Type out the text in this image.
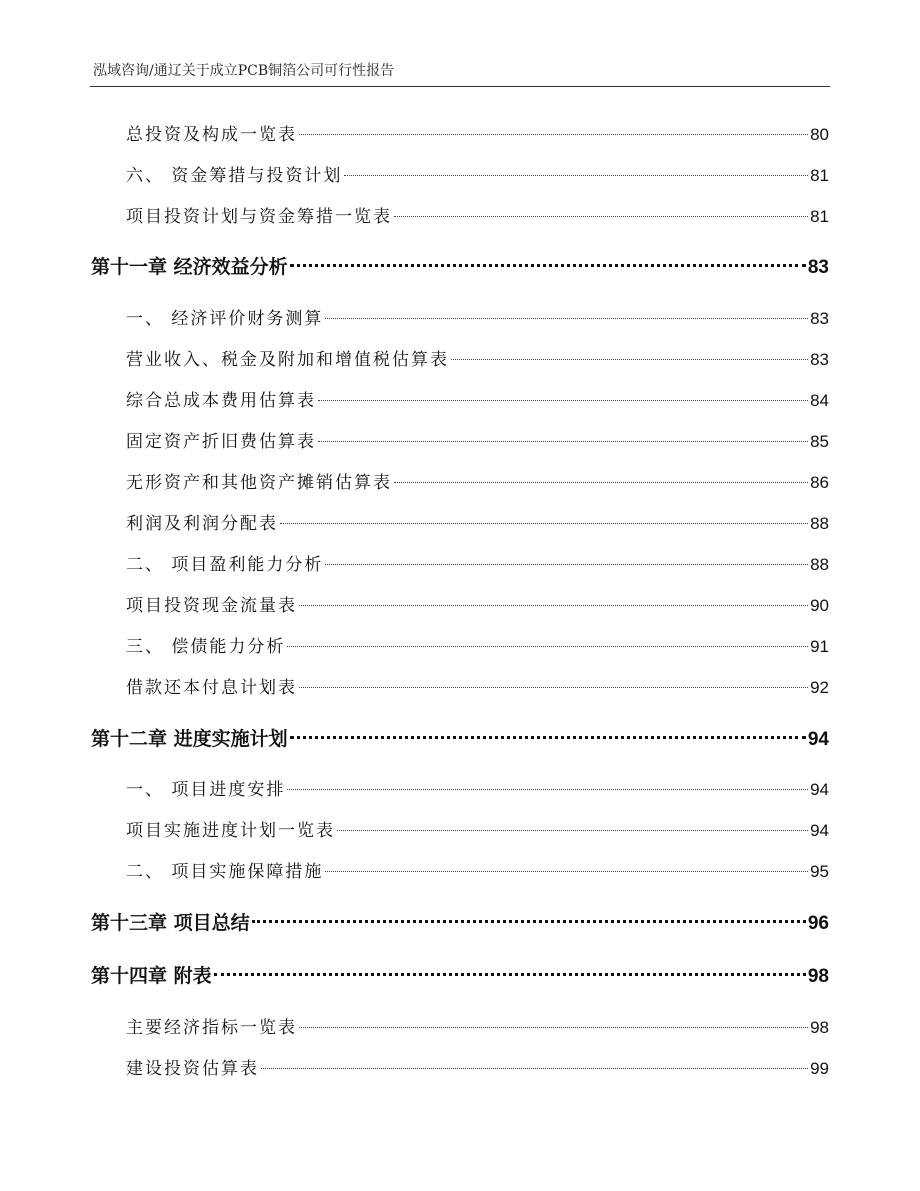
泓域咨询/通辽关于成立PCB铜箔公司可行性报告
总投资及构成一览表	80
六、 资金筹措与投资计划	81
项目投资计划与资金筹措一览表	81
第十一章 经济效益分析	83
一、 经济评价财务测算	83
营业收入、税金及附加和增值税估算表	83
综合总成本费用估算表	84
固定资产折旧费估算表	85
无形资产和其他资产摊销估算表	86
利润及利润分配表	88
二、 项目盈利能力分析	88
项目投资现金流量表	90
三、 偿债能力分析	91
借款还本付息计划表	92
第十二章 进度实施计划	94
一、 项目进度安排	94
项目实施进度计划一览表	94
二、 项目实施保障措施	95
第十三章 项目总结	96
第十四章 附表	98
主要经济指标一览表	98
建设投资估算表	99
